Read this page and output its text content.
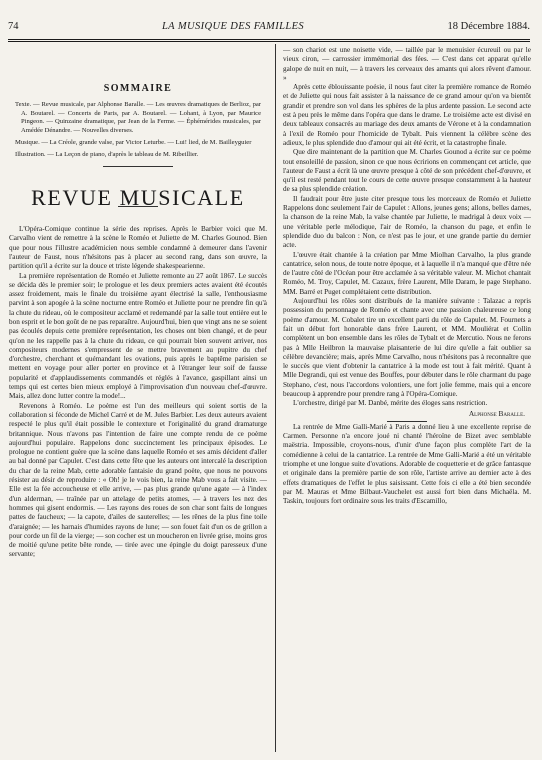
74	LA MUSIQUE DES FAMILLES	18 Décembre 1884.
SOMMAIRE

Texte. — Revue musicale, par Alphonse Baralle. — Les œuvres dramatiques de Berlioz, par A. Boutarel. — Concerts de Paris, par A. Boutarel. — Lohant, à Lyon, par Maurice Pingeon. — Quinzaine dramatique, par Jean de la Ferme. — Éphémérides musicales, par Amédée Dénandre. — Nouvelles diverses.

Musique. — La Créole, grande valse, par Victor Leturbe. — Lui! lied, de M. Bailleyguier

Illustration. — La Leçon de piano, d'après le tableau de M. Ribeillier.

REVUE MUSICALE

L'Opéra-Comique continue la série des reprises. Après le Barbier voici que M. Carvalho vient de remettre à la scène le Roméo et Juliette de M. Charles Gounod. Bien que pour nous l'illustre académicien nous semble condamné à demeurer dans l'avenir l'auteur de Faust, nous n'hésitons pas à placer au second rang, dans son œuvre, la partition qu'il a écrite sur la douce et triste légende shakespearienne.

La première représentation de Roméo et Juliette remonte au 27 août 1867. Le succès se décida dès le premier soir; le prologue et les deux premiers actes avaient été écoutés assez froidement, mais le finale du troisième ayant électrisé la salle, l'enthousiasme parvint à son apogée à la scène nocturne entre Roméo et Juliette pour ne prendre fin qu'à la chute du rideau, où le compositeur acclamé et redemandé par la salle tout entière eut le bon esprit et le bon goût de ne pas reparaître. Aujourd'hui, bien que vingt ans ne se soient pas écoulés depuis cette première représentation, les choses ont bien changé, et de peur qu'on ne les rappelle pas à la chute du rideau, ce qui pourrait bien souvent arriver, nos compositeurs modernes s'empressent de se mettre bravement au pupitre du chef d'orchestre, cherchant et quémandant les ovations, puis après le baptême parisien se mettent en voyage pour aller porter en province et à l'étranger leur soif de fausse popularité et d'applaudissements commandés et réglés à l'avance, gaspillant ainsi un temps qui est certes bien mieux employé à l'improvisation d'un nouveau chef-d'œuvre. Mais, allez donc lutter contre la mode!...

Revenons à Roméo. Le poème est l'un des meilleurs qui soient sortis de la collaboration si féconde de Michel Carré et de M. Jules Barbier. Les deux auteurs avaient respecté le plus qu'il était possible le contexture et l'originalité du grand dramaturge britannique. Nous n'avons pas l'intention de faire une compte rendu de ce poème aujourd'hui populaire. Rappelons donc succinctement les principaux épisodes. Le prologue ne contient guère que la scène dans laquelle Roméo et ses amis décident d'aller au bal donné par Capulet. C'est dans cette fête que les auteurs ont intercalé la description du char de la reine Mab, cette adorable fantaisie du grand poète, que nous ne pouvons résister au désir de reproduire : « Oh! je le vois bien, la reine Mab vous a fait visite. — Elle est la fée accoucheuse et elle arrive, — pas plus grande qu'une agate — à l'index d'un alderman, — traînée par un attelage de petits atomes, — à travers les nez des hommes qui gisent endormis. — Les rayons des roues de son char sont faits de longues pattes de faucheux; — la capote, d'ailes de sauterelles; — les rênes de la plus fine toile d'araignée; — les harnais d'humides rayons de lune; — son fouet fait d'un os de grillon a pour corde un fil de la vierge; — son cocher est un moucheron en livrée grise, moins gros de moitié qu'une petite bête ronde, — tirée avec une épingle du doigt paresseux d'une servante;

— son chariot est une noisette vide, — taillée par le menuisier écureuil ou par le vieux ciron, — carrossier immémorial des fées. — C'est dans cet apparat qu'elle galope de nuit en nuit, — à travers les cerveaux des amants qui alors rêvent d'amour. »

Après cette éblouissante poésie, il nous faut citer la première romance de Roméo et de Juliette qui nous fait assister à la naissance de ce grand amour qu'on va bientôt grandir et prendre son vol dans les sphères de la plus ardente passion. Le second acte est à peu près le même dans l'opéra que dans le drame. Le troisième acte est divisé en deux tableaux consacrés au mariage des deux amants de Vérone et à la condamnation à l'exil de Roméo pour l'homicide de Tybalt. Puis viennent la célèbre scène des adieux, le plus splendide duo d'amour qui ait été écrit, et la catastrophe finale.

Que dire maintenant de la partition que M. Charles Gounod a écrite sur ce poème tout ensoleillé de passion, sinon ce que nous écririons en commençant cet article, que l'auteur de Faust a écrit là une œuvre presque à côté de son précédent chef-d'œuvre, et qu'il est resté pendant tout le cours de cette œuvre presque constamment à la hauteur de sa plus splendide création.

Il faudrait pour être juste citer presque tous les morceaux de Roméo et Juliette Rappelons donc seulement l'air de Capulet : Allons, jeunes gens; allons, belles dames, la chanson de la reine Mab, la valse chantée par Juliette, le madrigal à deux voix — une véritable perle mélodique, l'air de Roméo, la chanson du page, et enfin le splendide duo du balcon : Non, ce n'est pas le jour, et une grande partie du dernier acte.

L'œuvre était chantée à la création par Mme Miolhan Carvalho, la plus grande cantatrice, selon nous, de toute notre époque, et à laquelle il n'a manqué que d'être née de l'autre côté de l'Océan pour être acclamée à sa véritable valeur. M. Michot chantait Roméo, M. Troy, Capulet, M. Cazaux, frère Laurent, Mlle Daram, le page Stephano. MM. Barré et Puget complétaient cette distribution.

Aujourd'hui les rôles sont distribués de la manière suivante : Talazac a repris possession du personnage de Roméo et chante avec une passion chaleureuse ce long poème d'amour. M. Cobalet tire un excellent parti du rôle de Capulet. M. Fournets a fait un début fort honorable dans frère Laurent, et MM. Mouliérat et Collin complètent un bon ensemble dans les rôles de Tybalt et de Mercutio. Nous ne ferons pas à Mlle Heilbron la mauvaise plaisanterie de lui dire qu'elle a fait oublier sa célèbre devancière; mais, après Mme Carvalho, nous n'hésitons pas à reconnaître que le succès que vient d'obtenir la cantatrice à la mode est tout à fait mérité. Quant à Mlle Degrandi, qui est venue des Bouffes, pour débuter dans le rôle charmant du page Stephano, c'est, nous l'accordons volontiers, une fort jolie femme, mais qui a encore beaucoup à apprendre pour prendre rang à l'Opéra-Comique.

L'orchestre, dirigé par M. Danbé, mérite des éloges sans restriction.

Alphonse Baralle.

La rentrée de Mme Galli-Marié à Paris a donné lieu à une excellente reprise de Carmen. Personne n'a encore joué ni chanté l'héroïne de Bizet avec semblable maëstria. Impossible, croyons-nous, d'unir d'une façon plus complète l'art de la comédienne à celui de la cantatrice. La rentrée de Mme Galli-Marié a été un véritable triomphe et une longue suite d'ovations. Adorable de coquetterie et de grâce fantasque et originale dans la première partie de son rôle, l'artiste arrive au dernier acte à des effets dramatiques de l'effet le plus saisissant. Cette fois ci elle a été bien secondée par M. Mauras et Mme Bilbaut-Vauchelet est aussi fort bien dans Michaëla. M. Taskin, toujours fort ordinaire sous les traits d'Escamillo,
